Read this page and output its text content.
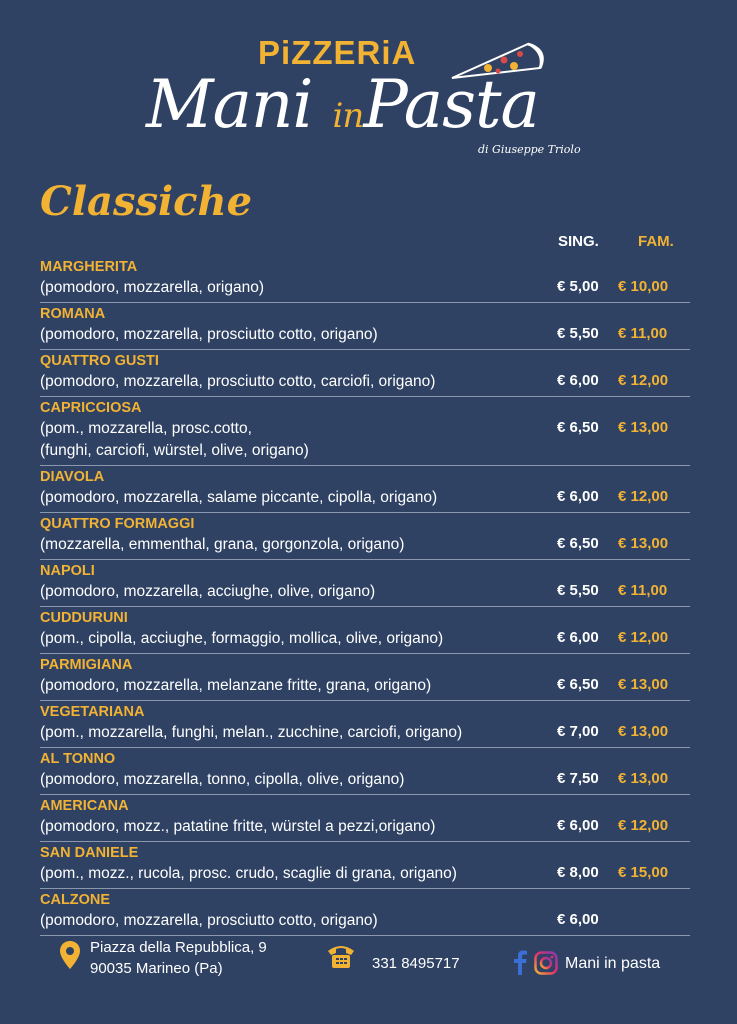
PiZZERiA
Mani inPasta
di Giuseppe Triolo
Classiche
SING.	FAM.
MARGHERITA
(pomodoro, mozzarella, origano)	€ 5,00 € 10,00
ROMANA
(pomodoro, mozzarella, prosciutto cotto, origano)	€ 5,50 € 11,00
QUATTRO GUSTI
(pomodoro, mozzarella, prosciutto cotto, carciofi, origano)	€ 6,00 € 12,00
CAPRICCIOSA
(pom., mozzarella, prosc.cotto,
(funghi, carciofi, würstel, olive, origano)
€ 6,50 € 13,00
DIAVOLA
(pomodoro, mozzarella, salame piccante, cipolla, origano)	€ 6,00 € 12,00
QUATTRO FORMAGGI
(mozzarella, emmenthal, grana, gorgonzola, origano)	€ 6,50 € 13,00
NAPOLI
(pomodoro, mozzarella, acciughe, olive, origano)	€ 5,50 € 11,00
CUDDURUNI
(pom., cipolla, acciughe, formaggio, mollica, olive, origano)	€ 6,00 € 12,00
PARMIGIANA
(pomodoro, mozzarella, melanzane fritte, grana, origano)	€ 6,50 € 13,00
VEGETARIANA
(pom., mozzarella, funghi, melan., zucchine, carciofi, origano)	€ 7,00 € 13,00
AL TONNO
(pomodoro, mozzarella, tonno, cipolla, olive, origano)	€ 7,50 € 13,00
AMERICANA
(pomodoro, mozz., patatine fritte, würstel a pezzi,origano)	€ 6,00 € 12,00
SAN DANIELE
(pom., mozz., rucola, prosc. crudo, scaglie di grana, origano)	€ 8,00 € 15,00
CALZONE
(pomodoro, mozzarella, prosciutto cotto, origano)	€ 6,00
Piazza della Repubblica, 9
90035 Marineo (Pa)	331 8495717	Mani in pasta
